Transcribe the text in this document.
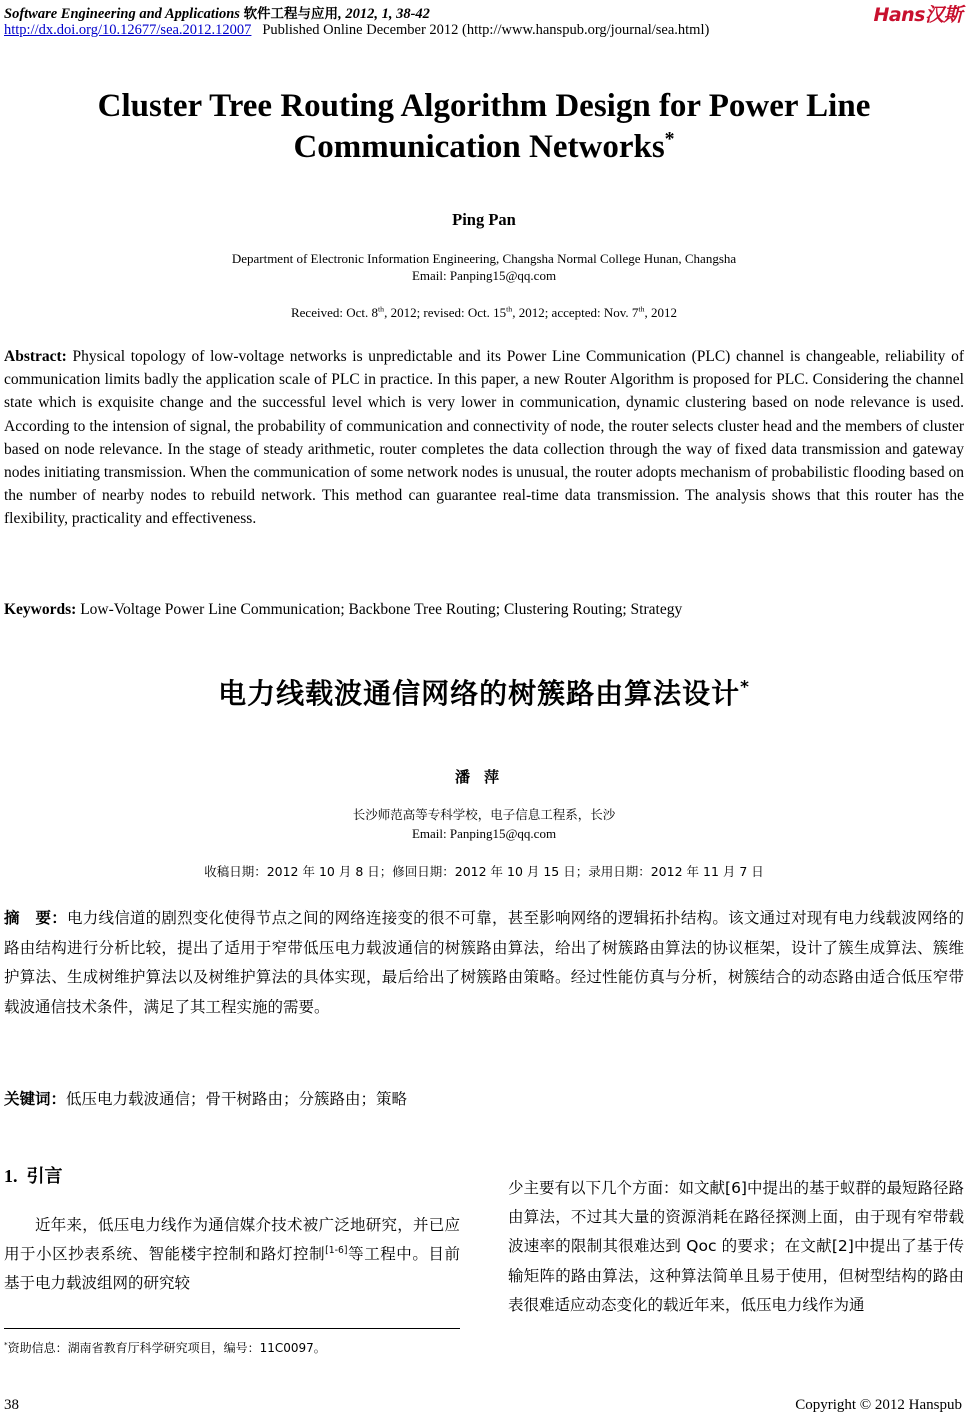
Software Engineering and Applications 软件工程与应用, 2012, 1, 38-42	Hans汉斯
http://dx.doi.org/10.12677/sea.2012.12007 Published Online December 2012 (http://www.hanspub.org/journal/sea.html)
Cluster Tree Routing Algorithm Design for Power Line
Communication Networks*
Ping Pan
Department of Electronic Information Engineering, Changsha Normal College Hunan, Changsha
Email: Panping15@qq.com
Received: Oct. 8th, 2012; revised: Oct. 15th, 2012; accepted: Nov. 7th, 2012

Abstract: Physical topology of low-voltage networks is unpredictable and its Power Line Communication (PLC) channel is changeable, reliability of communication limits badly the application scale of PLC in practice. In this paper, a new Router Algorithm is proposed for PLC. Considering the channel state which is exquisite change and the successful level which is very lower in communication, dynamic clustering based on node relevance is used. According to the intension of signal, the probability of communication and connectivity of node, the router selects cluster head and the members of cluster based on node relevance. In the stage of steady arithmetic, router completes the data collection through the way of fixed data transmission and gateway nodes initiating transmission. When the communication of some network nodes is unusual, the router adopts mechanism of probabilistic flooding based on the number of nearby nodes to rebuild network. This method can guarantee real-time data transmission. The analysis shows that this router has the flexibility, practicality and effectiveness.

Keywords: Low-Voltage Power Line Communication; Backbone Tree Routing; Clustering Routing; Strategy

电力线载波通信网络的树簇路由算法设计*
潘萍
长沙师范高等专科学校，电子信息工程系，长沙
Email: Panping15@qq.com
收稿日期：2012 年 10 月 8 日；修回日期：2012 年 10 月 15 日；录用日期：2012 年 11 月 7 日

摘　要：电力线信道的剧烈变化使得节点之间的网络连接变的很不可靠，甚至影响网络的逻辑拓扑结构。该文通过对现有电力线载波网络的路由结构进行分析比较，提出了适用于窄带低压电力载波通信的树簇路由算法，给出了树簇路由算法的协议框架，设计了簇生成算法、簇维护算法、生成树维护算法以及树维护算法的具体实现，最后给出了树簇路由策略。经过性能仿真与分析，树簇结合的动态路由适合低压窄带载波通信技术条件，满足了其工程实施的需要。

关键词：低压电力载波通信；骨干树路由；分簇路由；策略

1. 引言
近年来，低压电力线作为通信媒介技术被广泛地研究，并已应用于小区抄表系统、智能楼宇控制和路灯控制[1-6]等工程中。目前基于电力载波组网的研究较
少主要有以下几个方面：如文献[6]中提出的基于蚁群的最短路径路由算法，不过其大量的资源消耗在路径探测上面，由于现有窄带载波速率的限制其很难达到 Qoc 的要求；在文献[2]中提出了基于传输矩阵的路由算法，这种算法简单且易于使用，但树型结构的路由表很难适应动态变化的载近年来，低压电力线作为通
*资助信息：湖南省教育厅科学研究项目，编号：11C0097。
38	Copyright © 2012 Hanspub
